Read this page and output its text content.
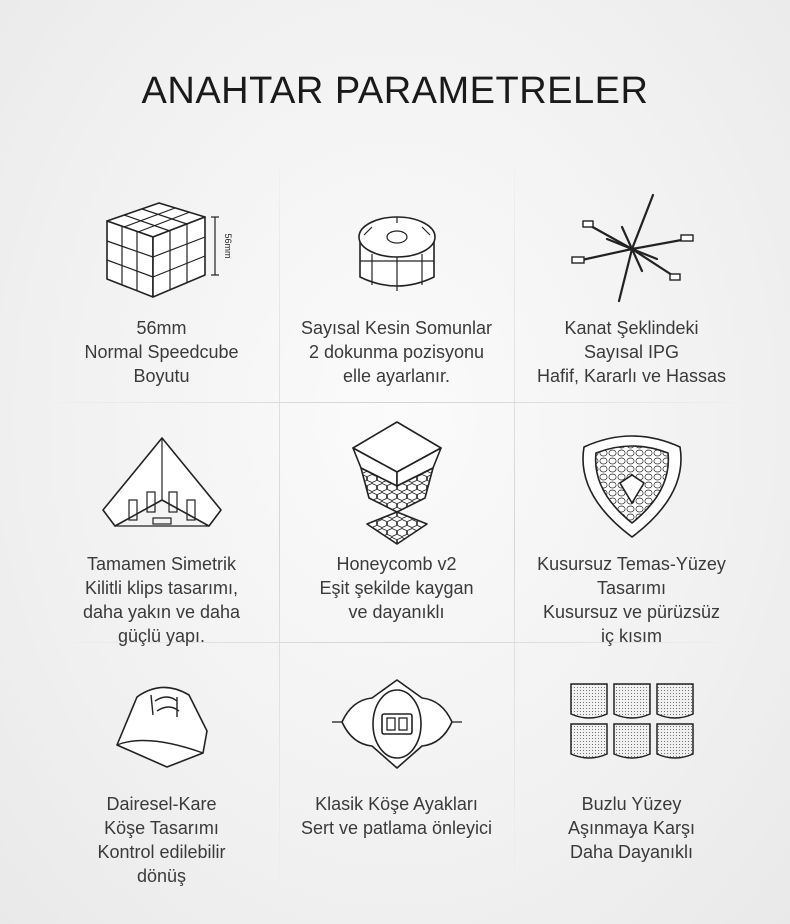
ANAHTAR PARAMETRELER
56mm
56mm
Normal Speedcube
Boyutu
Sayısal Kesin Somunlar
2 dokunma pozisyonu
elle ayarlanır.
Kanat Şeklindeki
Sayısal IPG
Hafif, Kararlı ve Hassas
Tamamen Simetrik
Kilitli klips tasarımı,
daha yakın ve daha
güçlü yapı.
Honeycomb v2
Eşit şekilde kaygan
ve dayanıklı
Kusursuz Temas-Yüzey
Tasarımı
Kusursuz ve pürüzsüz
iç kısım
Dairesel-Kare
Köşe Tasarımı
Kontrol edilebilir
dönüş
Klasik Köşe Ayakları
Sert ve patlama önleyici
Buzlu Yüzey
Aşınmaya Karşı
Daha Dayanıklı
